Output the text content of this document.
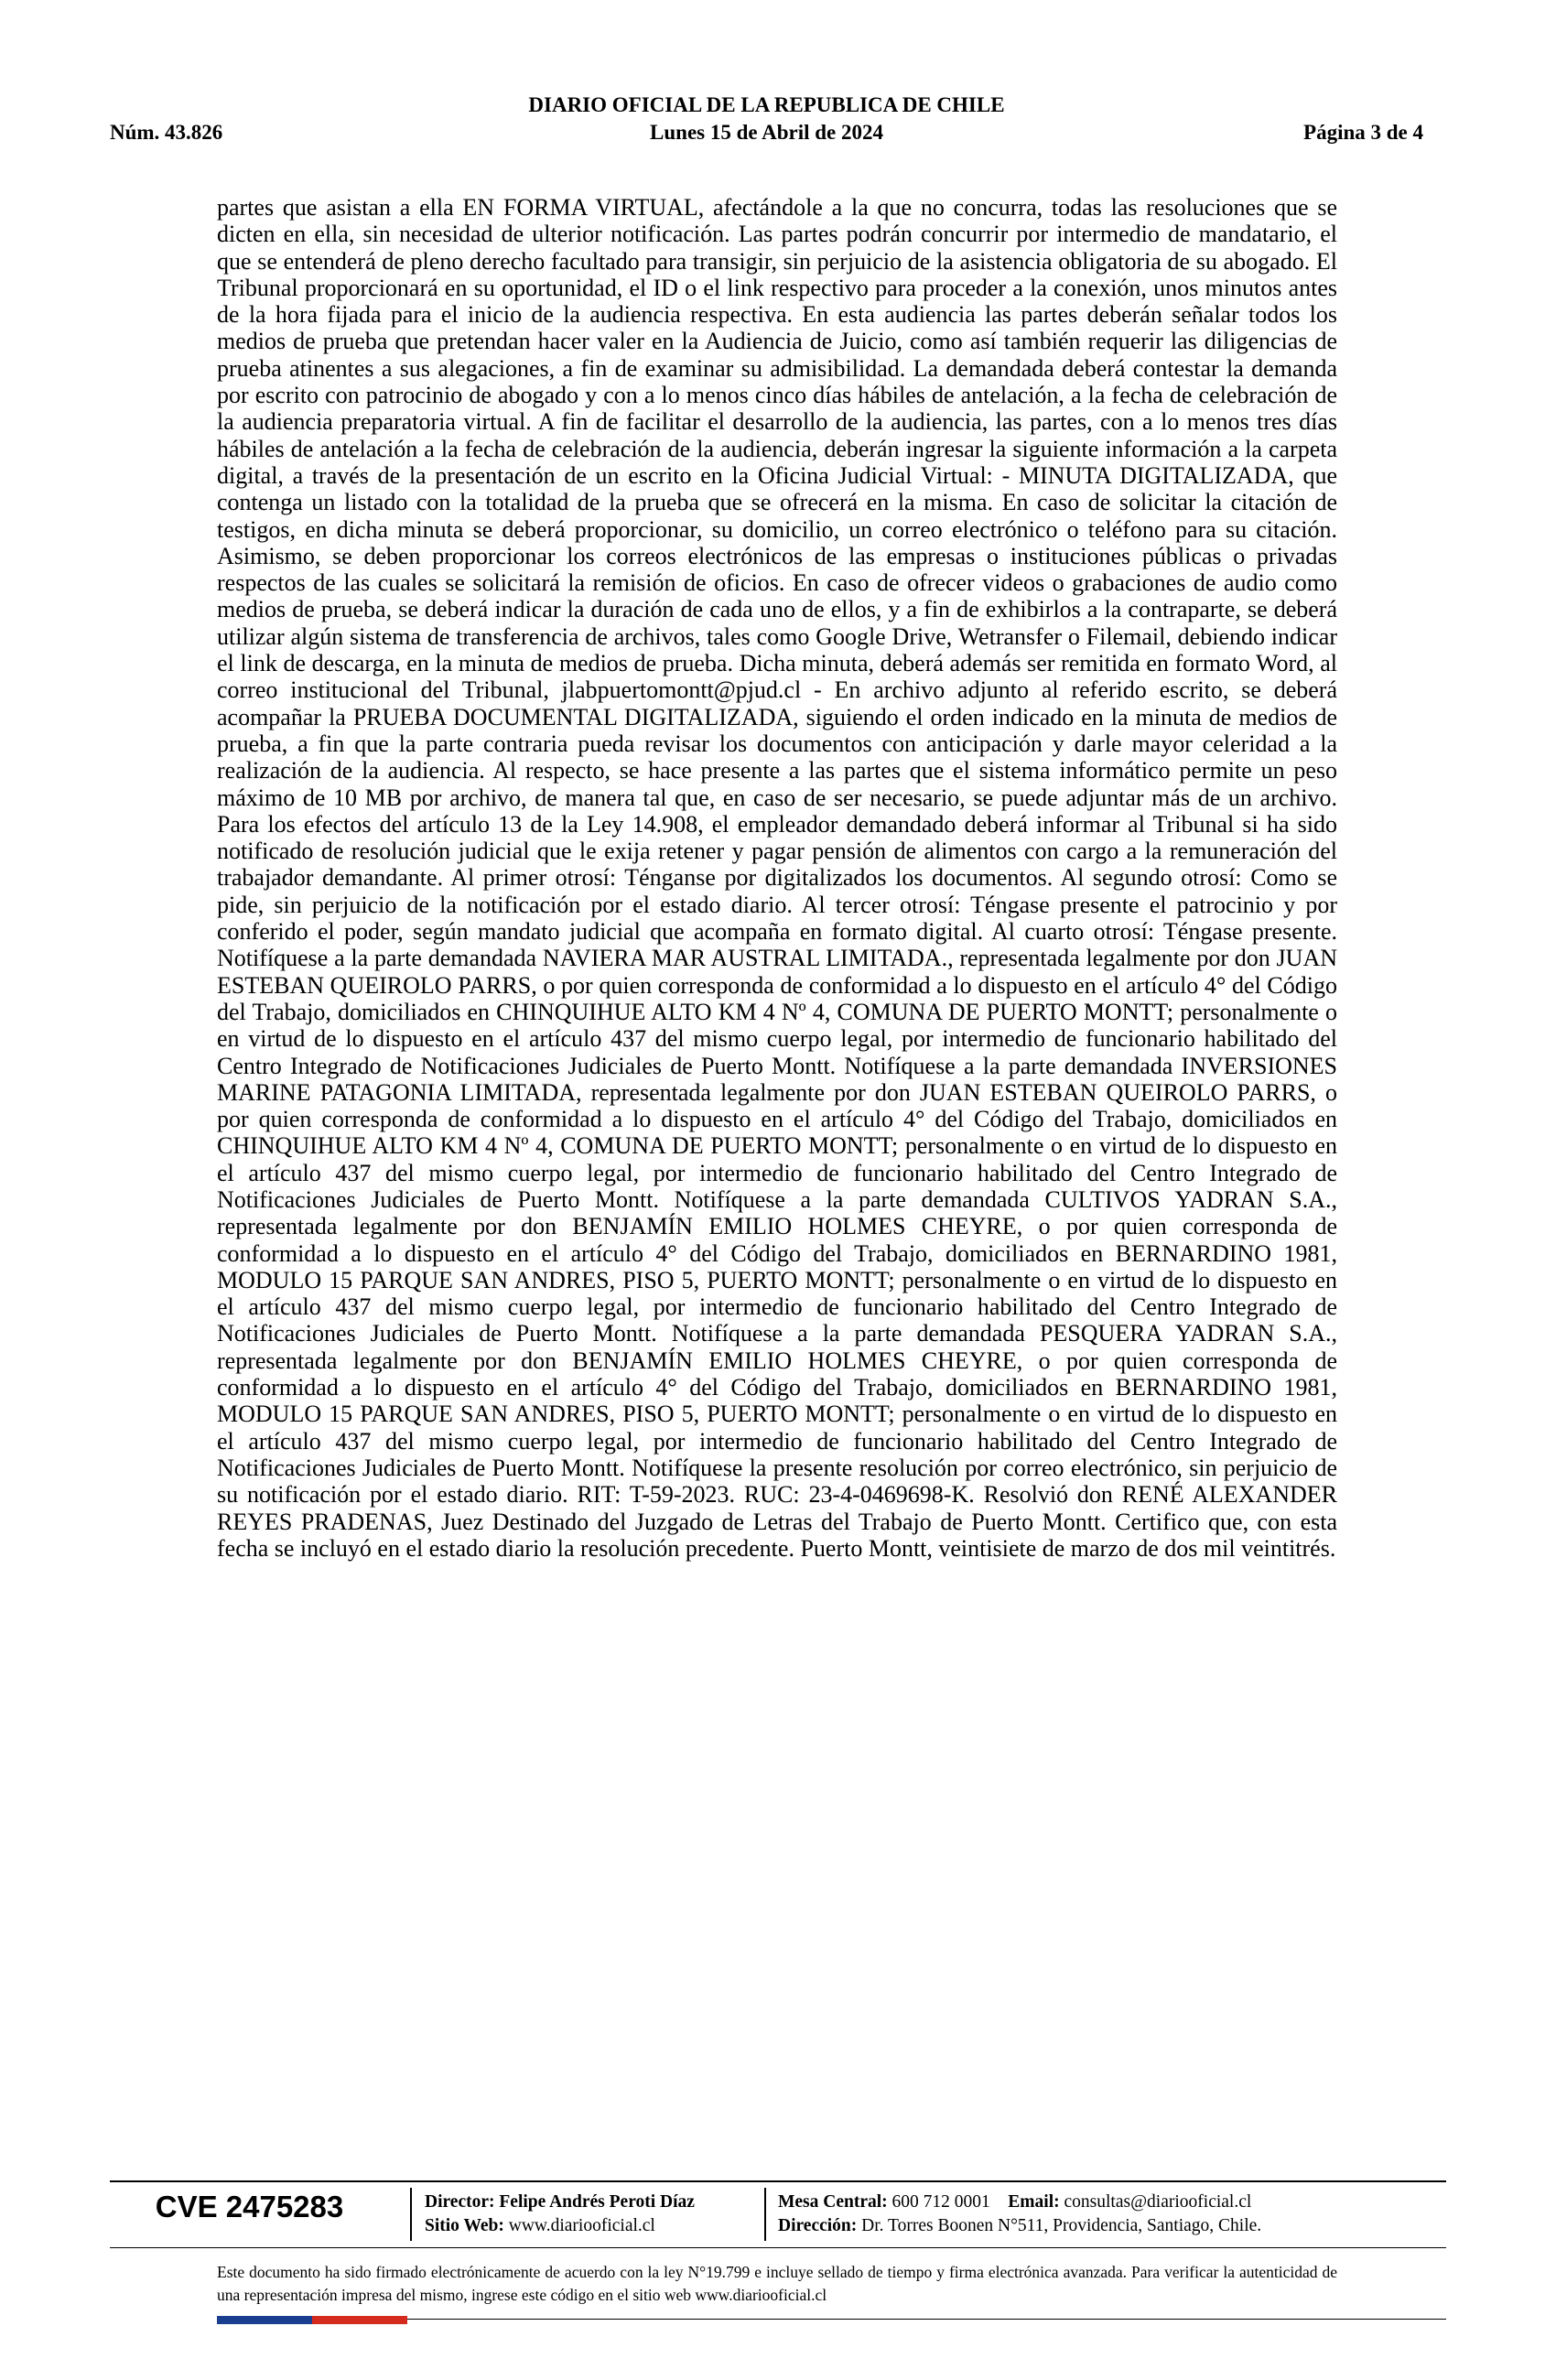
DIARIO OFICIAL DE LA REPUBLICA DE CHILE
Núm. 43.826	Lunes 15 de Abril de 2024	Página 3 de 4

partes que asistan a ella EN FORMA VIRTUAL, afectándole a la que no concurra, todas las resoluciones que se dicten en ella, sin necesidad de ulterior notificación. Las partes podrán concurrir por intermedio de mandatario, el que se entenderá de pleno derecho facultado para transigir, sin perjuicio de la asistencia obligatoria de su abogado. El Tribunal proporcionará en su oportunidad, el ID o el link respectivo para proceder a la conexión, unos minutos antes de la hora fijada para el inicio de la audiencia respectiva. En esta audiencia las partes deberán señalar todos los medios de prueba que pretendan hacer valer en la Audiencia de Juicio, como así también requerir las diligencias de prueba atinentes a sus alegaciones, a fin de examinar su admisibilidad. La demandada deberá contestar la demanda por escrito con patrocinio de abogado y con a lo menos cinco días hábiles de antelación, a la fecha de celebración de la audiencia preparatoria virtual. A fin de facilitar el desarrollo de la audiencia, las partes, con a lo menos tres días hábiles de antelación a la fecha de celebración de la audiencia, deberán ingresar la siguiente información a la carpeta digital, a través de la presentación de un escrito en la Oficina Judicial Virtual: - MINUTA DIGITALIZADA, que contenga un listado con la totalidad de la prueba que se ofrecerá en la misma. En caso de solicitar la citación de testigos, en dicha minuta se deberá proporcionar, su domicilio, un correo electrónico o teléfono para su citación. Asimismo, se deben proporcionar los correos electrónicos de las empresas o instituciones públicas o privadas respectos de las cuales se solicitará la remisión de oficios. En caso de ofrecer videos o grabaciones de audio como medios de prueba, se deberá indicar la duración de cada uno de ellos, y a fin de exhibirlos a la contraparte, se deberá utilizar algún sistema de transferencia de archivos, tales como Google Drive, Wetransfer o Filemail, debiendo indicar el link de descarga, en la minuta de medios de prueba. Dicha minuta, deberá además ser remitida en formato Word, al correo institucional del Tribunal, jlabpuertomontt@pjud.cl - En archivo adjunto al referido escrito, se deberá acompañar la PRUEBA DOCUMENTAL DIGITALIZADA, siguiendo el orden indicado en la minuta de medios de prueba, a fin que la parte contraria pueda revisar los documentos con anticipación y darle mayor celeridad a la realización de la audiencia. Al respecto, se hace presente a las partes que el sistema informático permite un peso máximo de 10 MB por archivo, de manera tal que, en caso de ser necesario, se puede adjuntar más de un archivo. Para los efectos del artículo 13 de la Ley 14.908, el empleador demandado deberá informar al Tribunal si ha sido notificado de resolución judicial que le exija retener y pagar pensión de alimentos con cargo a la remuneración del trabajador demandante. Al primer otrosí: Ténganse por digitalizados los documentos. Al segundo otrosí: Como se pide, sin perjuicio de la notificación por el estado diario. Al tercer otrosí: Téngase presente el patrocinio y por conferido el poder, según mandato judicial que acompaña en formato digital. Al cuarto otrosí: Téngase presente. Notifíquese a la parte demandada NAVIERA MAR AUSTRAL LIMITADA., representada legalmente por don JUAN ESTEBAN QUEIROLO PARRS, o por quien corresponda de conformidad a lo dispuesto en el artículo 4° del Código del Trabajo, domiciliados en CHINQUIHUE ALTO KM 4 Nº 4, COMUNA DE PUERTO MONTT; personalmente o en virtud de lo dispuesto en el artículo 437 del mismo cuerpo legal, por intermedio de funcionario habilitado del Centro Integrado de Notificaciones Judiciales de Puerto Montt. Notifíquese a la parte demandada INVERSIONES MARINE PATAGONIA LIMITADA, representada legalmente por don JUAN ESTEBAN QUEIROLO PARRS, o por quien corresponda de conformidad a lo dispuesto en el artículo 4° del Código del Trabajo, domiciliados en CHINQUIHUE ALTO KM 4 Nº 4, COMUNA DE PUERTO MONTT; personalmente o en virtud de lo dispuesto en el artículo 437 del mismo cuerpo legal, por intermedio de funcionario habilitado del Centro Integrado de Notificaciones Judiciales de Puerto Montt. Notifíquese a la parte demandada CULTIVOS YADRAN S.A., representada legalmente por don BENJAMÍN EMILIO HOLMES CHEYRE, o por quien corresponda de conformidad a lo dispuesto en el artículo 4° del Código del Trabajo, domiciliados en BERNARDINO 1981, MODULO 15 PARQUE SAN ANDRES, PISO 5, PUERTO MONTT; personalmente o en virtud de lo dispuesto en el artículo 437 del mismo cuerpo legal, por intermedio de funcionario habilitado del Centro Integrado de Notificaciones Judiciales de Puerto Montt. Notifíquese a la parte demandada PESQUERA YADRAN S.A., representada legalmente por don BENJAMÍN EMILIO HOLMES CHEYRE, o por quien corresponda de conformidad a lo dispuesto en el artículo 4° del Código del Trabajo, domiciliados en BERNARDINO 1981, MODULO 15 PARQUE SAN ANDRES, PISO 5, PUERTO MONTT; personalmente o en virtud de lo dispuesto en el artículo 437 del mismo cuerpo legal, por intermedio de funcionario habilitado del Centro Integrado de Notificaciones Judiciales de Puerto Montt. Notifíquese la presente resolución por correo electrónico, sin perjuicio de su notificación por el estado diario. RIT: T-59-2023. RUC: 23-4-0469698-K. Resolvió don RENÉ ALEXANDER REYES PRADENAS, Juez Destinado del Juzgado de Letras del Trabajo de Puerto Montt. Certifico que, con esta fecha se incluyó en el estado diario la resolución precedente. Puerto Montt, veintisiete de marzo de dos mil veintitrés.

CVE 2475283	Director: Felipe Andrés Peroti Díaz
Sitio Web: www.diariooficial.cl
Mesa Central: 600 712 0001 Email: consultas@diariooficial.cl
Dirección: Dr. Torres Boonen N°511, Providencia, Santiago, Chile.

Este documento ha sido firmado electrónicamente de acuerdo con la ley N°19.799 e incluye sellado de tiempo y firma electrónica avanzada. Para verificar la autenticidad de una representación impresa del mismo, ingrese este código en el sitio web www.diariooficial.cl
